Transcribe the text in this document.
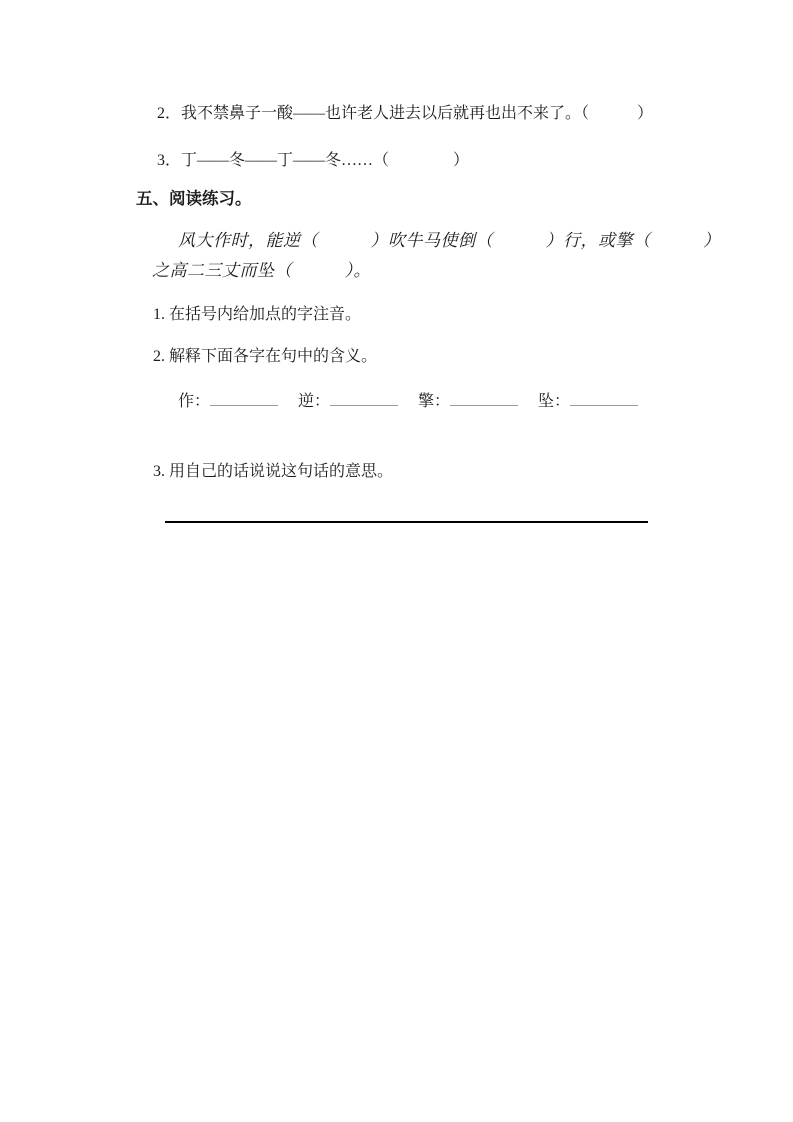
2．我不禁鼻子一酸——也许老人进去以后就再也出不来了。（　　　）
3．丁——冬——丁——冬……（　　　　）
五、阅读练习。
风大作时，能逆（　　　）吹牛马使倒（　　　）行，或擎（　　　）
之高二三丈而坠（　　　）。
1. 在括号内给加点的字注音。
2. 解释下面各字在句中的含义。
作：	逆：	擎：	坠：
3. 用自己的话说说这句话的意思。
